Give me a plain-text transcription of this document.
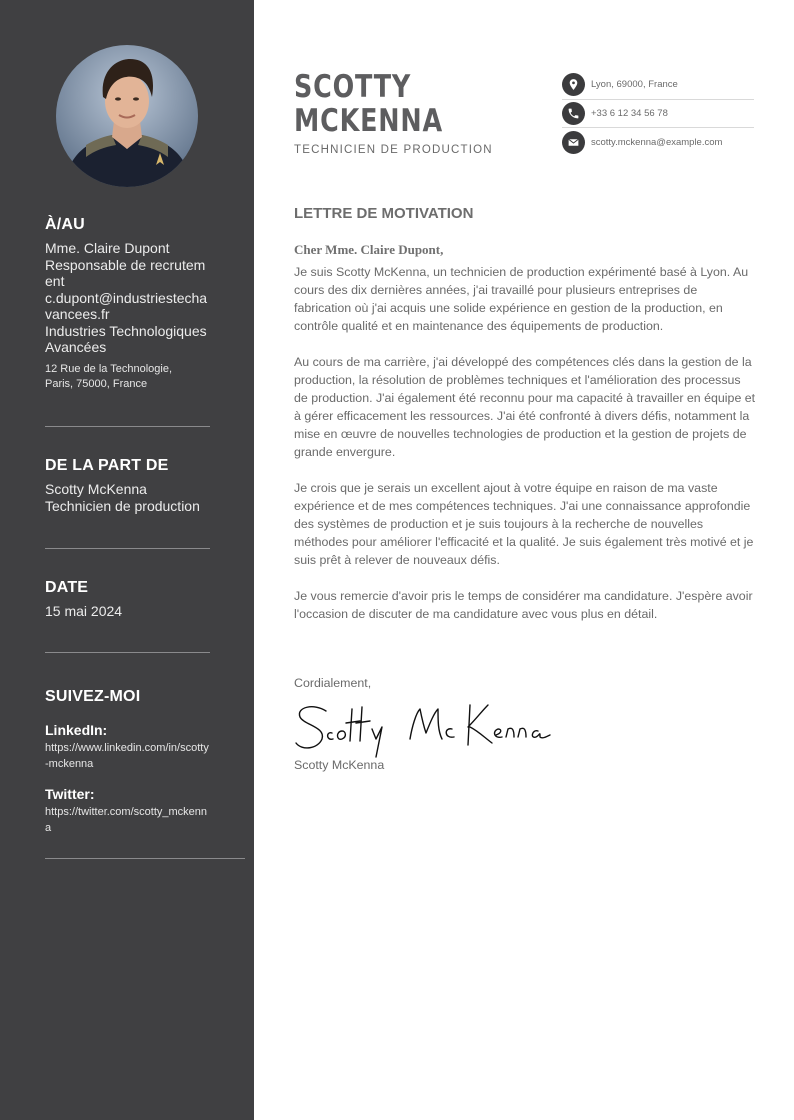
À/AU
Mme. Claire Dupont
Responsable de recrutement
c.dupont@industriestechavancees.fr
Industries Technologiques Avancées
12 Rue de la Technologie,
Paris, 75000, France
DE LA PART DE
Scotty McKenna
Technicien de production
DATE
15 mai 2024
SUIVEZ-MOI
LinkedIn:
https://www.linkedin.com/in/scotty-mckenna
Twitter:
https://twitter.com/scotty_mckenna
SCOTTY
MCKENNA
TECHNICIEN DE PRODUCTION
Lyon, 69000, France
+33 6 12 34 56 78
scotty.mckenna@example.com
LETTRE DE MOTIVATION
Cher Mme. Claire Dupont,

Je suis Scotty McKenna, un technicien de production expérimenté basé à Lyon. Au cours des dix dernières années, j'ai travaillé pour plusieurs entreprises de fabrication où j'ai acquis une solide expérience en gestion de la production, en contrôle qualité et en maintenance des équipements de production.

Au cours de ma carrière, j'ai développé des compétences clés dans la gestion de la production, la résolution de problèmes techniques et l'amélioration des processus de production. J'ai également été reconnu pour ma capacité à travailler en équipe et à gérer efficacement les ressources. J'ai été confronté à divers défis, notamment la mise en œuvre de nouvelles technologies de production et la gestion de projets de grande envergure.

Je crois que je serais un excellent ajout à votre équipe en raison de ma vaste expérience et de mes compétences techniques. J'ai une connaissance approfondie des systèmes de production et je suis toujours à la recherche de nouvelles méthodes pour améliorer l'efficacité et la qualité. Je suis également très motivé et je suis prêt à relever de nouveaux défis.

Je vous remercie d'avoir pris le temps de considérer ma candidature. J'espère avoir l'occasion de discuter de ma candidature avec vous plus en détail.

Cordialement,
Scotty McKenna
